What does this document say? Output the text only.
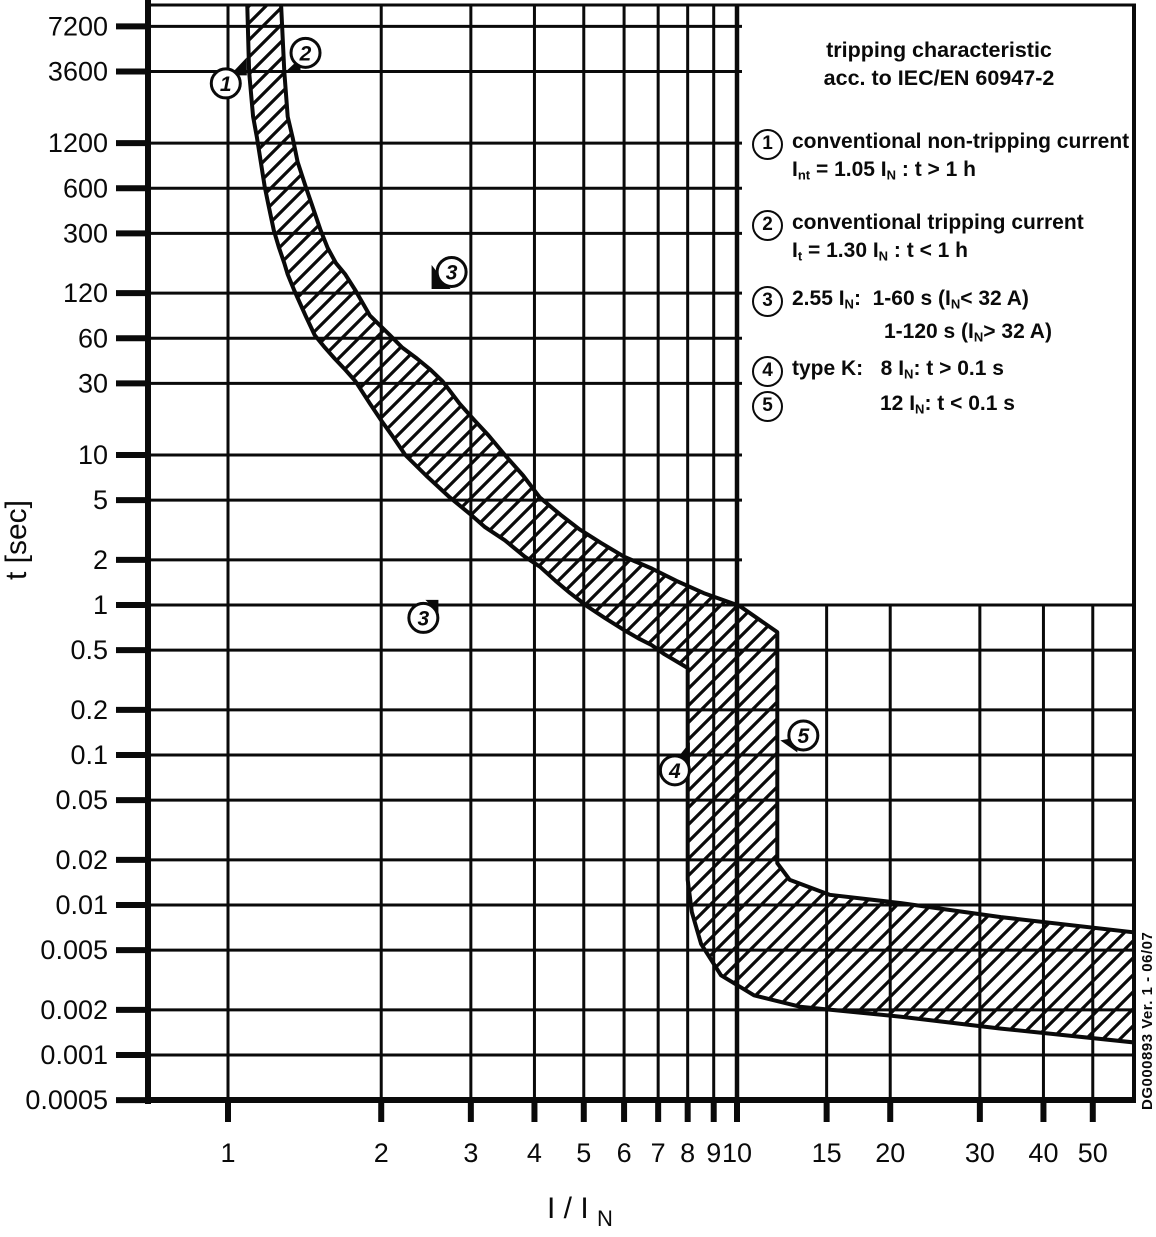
1
2
3
3
4
5
7200
3600
1200
600
300
120
60
30
10
5
2
1
0.5
0.2
0.1
0.05
0.02
0.01
0.005
0.002
0.001
0.0005
1	2	3 4 5 6 7 8 9 10 15 20 30 40 50
t [sec]
I / I $_N$
tripping characteristic
acc. to IEC/EN 60947-2
1 conventional non-tripping current
$I_{nt} = 1.05$ $I_N$ : t > 1 h
2 conventional tripping current
$I_t = 1.30$ $I_N$ : t < 1 h
3 2.55 $I_N$:  1-60 s ($I_N< 32$ A)
1-120 s ($I_N> 32$ A)
4 type K:   8 $I_N$: t > 0.1 s
5	12 $I_N$: t < 0.1 s
DG000893 Ver. 1 - 06/07
